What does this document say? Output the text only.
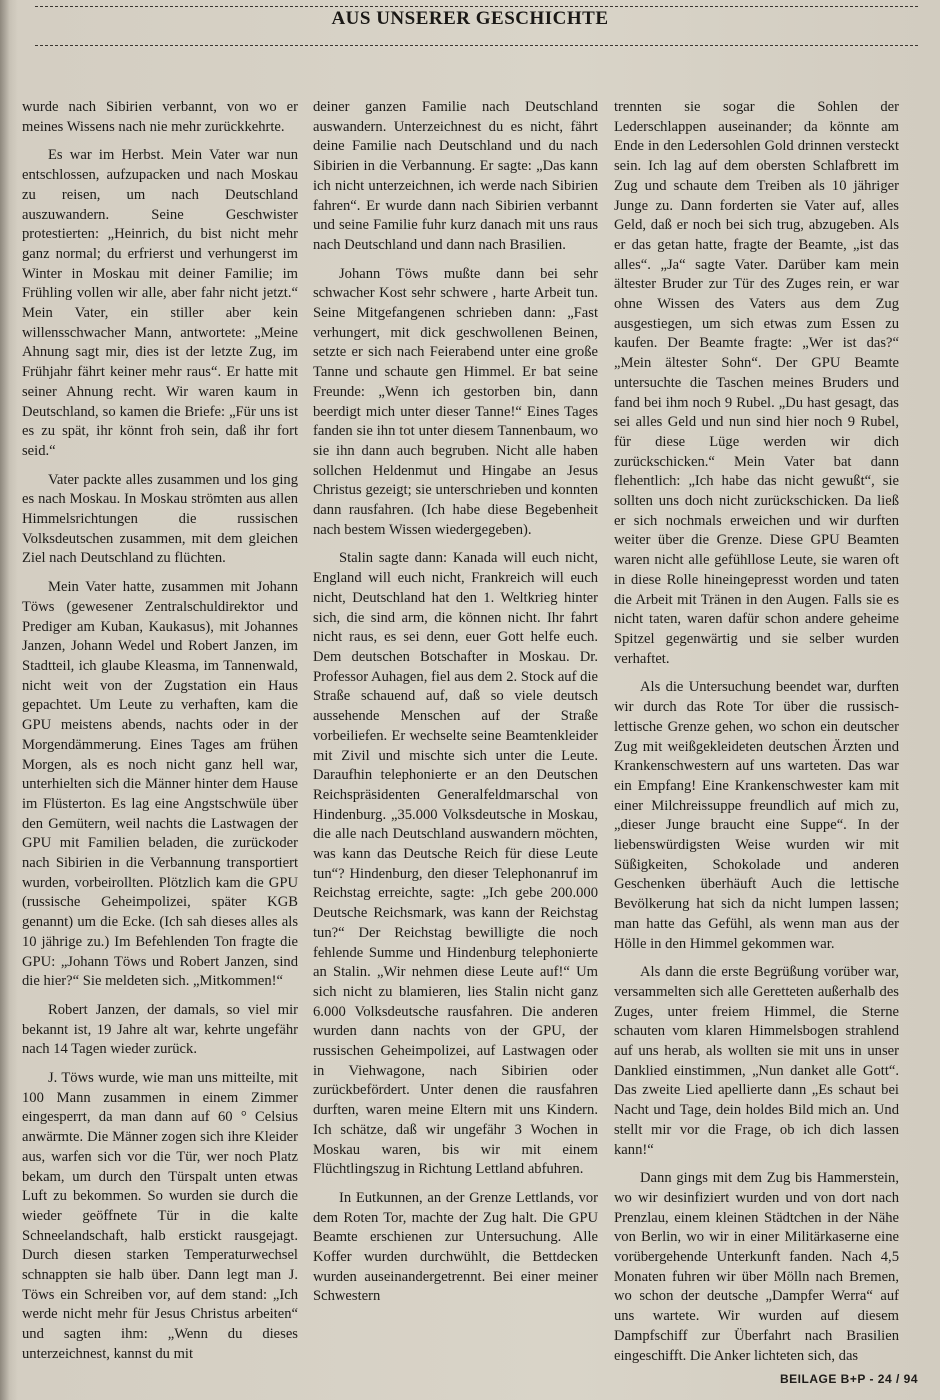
AUS UNSERER GESCHICHTE

wurde nach Sibirien verbannt, von wo er meines Wissens nach nie mehr zurückkehrte.

Es war im Herbst. Mein Vater war nun entschlossen, aufzupacken und nach Moskau zu reisen, um nach Deutschland auszuwandern. Seine Geschwister protestierten: „Heinrich, du bist nicht mehr ganz normal; du erfrierst und verhungerst im Winter in Moskau mit deiner Familie; im Frühling vollen wir alle, aber fahr nicht jetzt.“ Mein Vater, ein stiller aber kein willensschwacher Mann, antwortete: „Meine Ahnung sagt mir, dies ist der letzte Zug, im Frühjahr fährt keiner mehr raus“. Er hatte mit seiner Ahnung recht. Wir waren kaum in Deutschland, so kamen die Briefe: „Für uns ist es zu spät, ihr könnt froh sein, daß ihr fort seid.“

Vater packte alles zusammen und los ging es nach Moskau. In Moskau strömten aus allen Himmelsrichtungen die russischen Volksdeutschen zusammen, mit dem gleichen Ziel nach Deutschland zu flüchten.

Mein Vater hatte, zusammen mit Johann Töws (gewesener Zentralschuldirektor und Prediger am Kuban, Kaukasus), mit Johannes Janzen, Johann Wedel und Robert Janzen, im Stadtteil, ich glaube Kleasma, im Tannenwald, nicht weit von der Zugstation ein Haus gepachtet. Um Leute zu verhaften, kam die GPU meistens abends, nachts oder in der Morgendämmerung. Eines Tages am frühen Morgen, als es noch nicht ganz hell war, unterhielten sich die Männer hinter dem Hause im Flüsterton. Es lag eine Angstschwüle über den Gemütern, weil nachts die Lastwagen der GPU mit Familien beladen, die zurückoder nach Sibirien in die Verbannung transportiert wurden, vorbeirollten. Plötzlich kam die GPU (russische Geheimpolizei, später KGB genannt) um die Ecke. (Ich sah dieses alles als 10 jährige zu.) Im Befehlenden Ton fragte die GPU: „Johann Töws und Robert Janzen, sind die hier?“ Sie meldeten sich. „Mitkommen!“

Robert Janzen, der damals, so viel mir bekannt ist, 19 Jahre alt war, kehrte ungefähr nach 14 Tagen wieder zurück.

J. Töws wurde, wie man uns mitteilte, mit 100 Mann zusammen in einem Zimmer eingesperrt, da man dann auf 60 ° Celsius anwärmte. Die Männer zogen sich ihre Kleider aus, warfen sich vor die Tür, wer noch Platz bekam, um durch den Türspalt unten etwas Luft zu bekommen. So wurden sie durch die wieder geöffnete Tür in die kalte Schneelandschaft, halb erstickt rausgejagt. Durch diesen starken Temperaturwechsel schnappten sie halb über. Dann legt man J. Töws ein Schreiben vor, auf dem stand: „Ich werde nicht mehr für Jesus Christus arbeiten“ und sagten ihm: „Wenn du dieses unterzeichnest, kannst du mit

deiner ganzen Familie nach Deutschland auswandern. Unterzeichnest du es nicht, fährt deine Familie nach Deutschland und du nach Sibirien in die Verbannung. Er sagte: „Das kann ich nicht unterzeichnen, ich werde nach Sibirien fahren“. Er wurde dann nach Sibirien verbannt und seine Familie fuhr kurz danach mit uns raus nach Deutschland und dann nach Brasilien.

Johann Töws mußte dann bei sehr schwacher Kost sehr schwere , harte Arbeit tun. Seine Mitgefangenen schrieben dann: „Fast verhungert, mit dick geschwollenen Beinen, setzte er sich nach Feierabend unter eine große Tanne und schaute gen Himmel. Er bat seine Freunde: „Wenn ich gestorben bin, dann beerdigt mich unter dieser Tanne!“ Eines Tages fanden sie ihn tot unter diesem Tannenbaum, wo sie ihn dann auch begruben. Nicht alle haben sollchen Heldenmut und Hingabe an Jesus Christus gezeigt; sie unterschrieben und konnten dann rausfahren. (Ich habe diese Begebenheit nach bestem Wissen wiedergegeben).

Stalin sagte dann: Kanada will euch nicht, England will euch nicht, Frankreich will euch nicht, Deutschland hat den 1. Weltkrieg hinter sich, die sind arm, die können nicht. Ihr fahrt nicht raus, es sei denn, euer Gott helfe euch. Dem deutschen Botschafter in Moskau. Dr. Professor Auhagen, fiel aus dem 2. Stock auf die Straße schauend auf, daß so viele deutsch aussehende Menschen auf der Straße vorbeiliefen. Er wechselte seine Beamtenkleider mit Zivil und mischte sich unter die Leute. Daraufhin telephonierte er an den Deutschen Reichspräsidenten Generalfeldmarschal von Hindenburg. „35.000 Volksdeutsche in Moskau, die alle nach Deutschland auswandern möchten, was kann das Deutsche Reich für diese Leute tun“? Hindenburg, den dieser Telephonanruf im Reichstag erreichte, sagte: „Ich gebe 200.000 Deutsche Reichsmark, was kann der Reichstag tun?“ Der Reichstag bewilligte die noch fehlende Summe und Hindenburg telephonierte an Stalin. „Wir nehmen diese Leute auf!“ Um sich nicht zu blamieren, lies Stalin nicht ganz 6.000 Volksdeutsche rausfahren. Die anderen wurden dann nachts von der GPU, der russischen Geheimpolizei, auf Lastwagen oder in Viehwagone, nach Sibirien oder zurückbefördert. Unter denen die rausfahren durften, waren meine Eltern mit uns Kindern. Ich schätze, daß wir ungefähr 3 Wochen in Moskau waren, bis wir mit einem Flüchtlingszug in Richtung Lettland abfuhren.

In Eutkunnen, an der Grenze Lettlands, vor dem Roten Tor, machte der Zug halt. Die GPU Beamte erschienen zur Untersuchung. Alle Koffer wurden durchwühlt, die Bettdecken wurden auseinandergetrennt. Bei einer meiner Schwestern

trennten sie sogar die Sohlen der Lederschlappen auseinander; da könnte am Ende in den Ledersohlen Gold drinnen versteckt sein. Ich lag auf dem obersten Schlafbrett im Zug und schaute dem Treiben als 10 jähriger Junge zu. Dann forderten sie Vater auf, alles Geld, daß er noch bei sich trug, abzugeben. Als er das getan hatte, fragte der Beamte, „ist das alles“. „Ja“ sagte Vater. Darüber kam mein ältester Bruder zur Tür des Zuges rein, er war ohne Wissen des Vaters aus dem Zug ausgestiegen, um sich etwas zum Essen zu kaufen. Der Beamte fragte: „Wer ist das?“ „Mein ältester Sohn“. Der GPU Beamte untersuchte die Taschen meines Bruders und fand bei ihm noch 9 Rubel. „Du hast gesagt, das sei alles Geld und nun sind hier noch 9 Rubel, für diese Lüge werden wir dich zurückschicken.“ Mein Vater bat dann flehentlich: „Ich habe das nicht gewußt“, sie sollten uns doch nicht zurückschicken. Da ließ er sich nochmals erweichen und wir durften weiter über die Grenze. Diese GPU Beamten waren nicht alle gefühllose Leute, sie waren oft in diese Rolle hineingepresst worden und taten die Arbeit mit Tränen in den Augen. Falls sie es nicht taten, waren dafür schon andere geheime Spitzel gegenwärtig und sie selber wurden verhaftet.

Als die Untersuchung beendet war, durften wir durch das Rote Tor über die russisch-lettische Grenze gehen, wo schon ein deutscher Zug mit weißgekleideten deutschen Ärzten und Krankenschwestern auf uns warteten. Das war ein Empfang! Eine Krankenschwester kam mit einer Milchreissuppe freundlich auf mich zu, „dieser Junge braucht eine Suppe“. In der liebenswürdigsten Weise wurden wir mit Süßigkeiten, Schokolade und anderen Geschenken überhäuft Auch die lettische Bevölkerung hat sich da nicht lumpen lassen; man hatte das Gefühl, als wenn man aus der Hölle in den Himmel gekommen war.

Als dann die erste Begrüßung vorüber war, versammelten sich alle Geretteten außerhalb des Zuges, unter freiem Himmel, die Sterne schauten vom klaren Himmelsbogen strahlend auf uns herab, als wollten sie mit uns in unser Danklied einstimmen, „Nun danket alle Gott“. Das zweite Lied apellierte dann „Es schaut bei Nacht und Tage, dein holdes Bild mich an. Und stellt mir vor die Frage, ob ich dich lassen kann!“

Dann gings mit dem Zug bis Hammerstein, wo wir desinfiziert wurden und von dort nach Prenzlau, einem kleinen Städtchen in der Nähe von Berlin, wo wir in einer Militärkaserne eine vorübergehende Unterkunft fanden. Nach 4,5 Monaten fuhren wir über Mölln nach Bremen, wo schon der deutsche „Dampfer Werra“ auf uns wartete. Wir wurden auf diesem Dampfschiff zur Überfahrt nach Brasilien eingeschifft. Die Anker lichteten sich, das

BEILAGE B+P - 24 / 94
